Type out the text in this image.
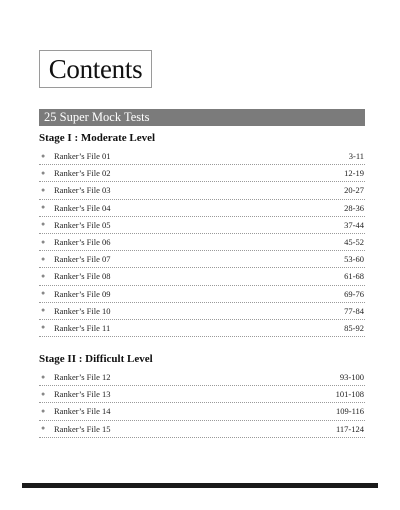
Contents
25 Super Mock Tests
Stage I : Moderate Level
● Ranker’s File 01	3-11
● Ranker’s File 02	12-19
● Ranker’s File 03	20-27
● Ranker’s File 04	28-36
● Ranker’s File 05	37-44
● Ranker’s File 06	45-52
● Ranker’s File 07	53-60
● Ranker’s File 08	61-68
● Ranker’s File 09	69-76
● Ranker’s File 10	77-84
● Ranker’s File 11	85-92
Stage II : Difficult Level
● Ranker’s File 12	93-100
● Ranker’s File 13	101-108
● Ranker’s File 14	109-116
● Ranker’s File 15	117-124
